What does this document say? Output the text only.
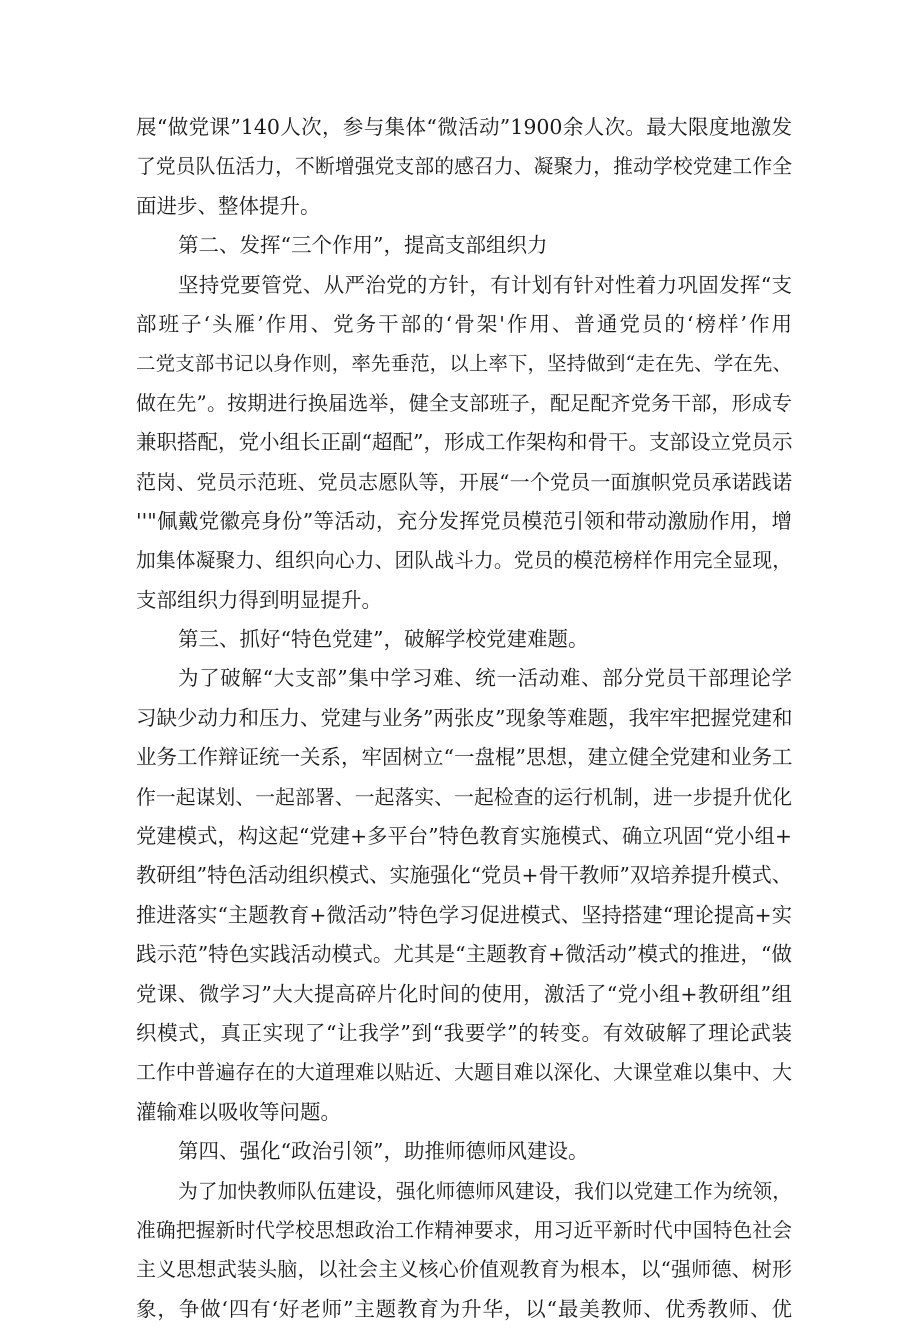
展“做党课”140人次，参与集体“微活动”1900余人次。最大限度地激发
了党员队伍活力，不断增强党支部的感召力、凝聚力，推动学校党建工作全
面进步、整体提升。
第二、发挥“三个作用”，提高支部组织力
坚持党要管党、从严治党的方针，有计划有针对性着力巩固发挥“支
部班子‘头雁’作用、党务干部的‘骨架'作用、普通党员的‘榜样’作用
二党支部书记以身作则，率先垂范，以上率下，坚持做到“走在先、学在先、
做在先”。按期进行换届选举，健全支部班子，配足配齐党务干部，形成专
兼职搭配，党小组长正副“超配”，形成工作架构和骨干。支部设立党员示
范岗、党员示范班、党员志愿队等，开展“一个党员一面旗帜党员承诺践诺
''"佩戴党徽亮身份”等活动，充分发挥党员模范引领和带动激励作用，增
加集体凝聚力、组织向心力、团队战斗力。党员的模范榜样作用完全显现，
支部组织力得到明显提升。
第三、抓好“特色党建”，破解学校党建难题。
为了破解“大支部”集中学习难、统一活动难、部分党员干部理论学
习缺少动力和压力、党建与业务”两张皮”现象等难题，我牢牢把握党建和
业务工作辩证统一关系，牢固树立“一盘棍”思想，建立健全党建和业务工
作一起谋划、一起部署、一起落实、一起检查的运行机制，进一步提升优化
党建模式，构这起“党建+多平台”特色教育实施模式、确立巩固“党小组+
教研组”特色活动组织模式、实施强化“党员+骨干教师”双培养提升模式、
推进落实“主题教育+微活动”特色学习促进模式、坚持搭建“理论提高+实
践示范”特色实践活动模式。尤其是“主题教育+微活动”模式的推进，“做
党课、微学习”大大提高碎片化时间的使用，激活了“党小组+教研组”组
织模式，真正实现了“让我学”到“我要学”的转变。有效破解了理论武装
工作中普遍存在的大道理难以贴近、大题目难以深化、大课堂难以集中、大
灌输难以吸收等问题。
第四、强化“政治引领”，助推师德师风建设。
为了加快教师队伍建设，强化师德师风建设，我们以党建工作为统领，
准确把握新时代学校思想政治工作精神要求，用习近平新时代中国特色社会
主义思想武装头脑，以社会主义核心价值观教育为根本，以“强师德、树形
象，争做‘四有‘好老师”主题教育为升华，以“最美教师、优秀教师、优
